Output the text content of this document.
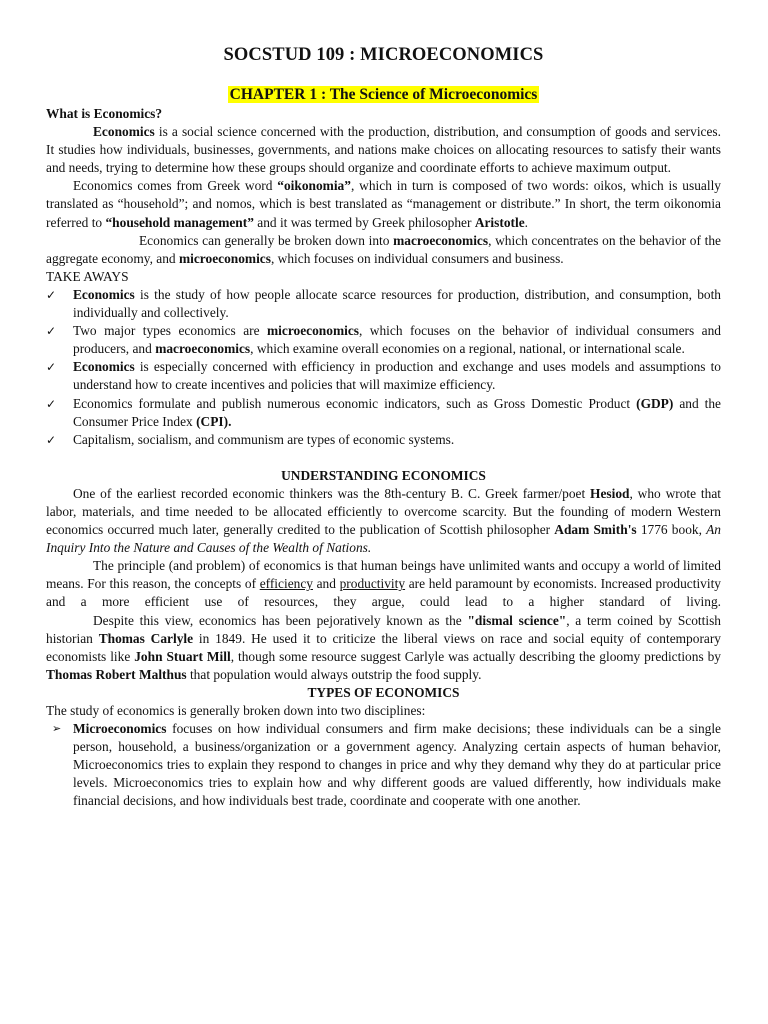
SOCSTUD 109 : MICROECONOMICS
CHAPTER 1 : The Science of Microeconomics
What is Economics?

Economics is a social science concerned with the production, distribution, and consumption of goods and services. It studies how individuals, businesses, governments, and nations make choices on allocating resources to satisfy their wants and needs, trying to determine how these groups should organize and coordinate efforts to achieve maximum output.

Economics comes from Greek word “oikonomia”, which in turn is composed of two words: oikos, which is usually translated as “household”; and nomos, which is best translated as “management or distribute.” In short, the term oikonomia referred to “household management” and it was termed by Greek philosopher Aristotle.

Economics can generally be broken down into macroeconomics, which concentrates on the behavior of the aggregate economy, and microeconomics, which focuses on individual consumers and business.

TAKE AWAYS
✓ Economics is the study of how people allocate scarce resources for production, distribution, and consumption, both individually and collectively.
✓ Two major types economics are microeconomics, which focuses on the behavior of individual consumers and producers, and macroeconomics, which examine overall economies on a regional, national, or international scale.
✓ Economics is especially concerned with efficiency in production and exchange and uses models and assumptions to understand how to create incentives and policies that will maximize efficiency.
✓ Economics formulate and publish numerous economic indicators, such as Gross Domestic Product (GDP) and the Consumer Price Index (CPI).
✓ Capitalism, socialism, and communism are types of economic systems.
UNDERSTANDING ECONOMICS

One of the earliest recorded economic thinkers was the 8th-century B. C. Greek farmer/poet Hesiod, who wrote that labor, materials, and time needed to be allocated efficiently to overcome scarcity. But the founding of modern Western economics occurred much later, generally credited to the publication of Scottish philosopher Adam Smith's 1776 book, An Inquiry Into the Nature and Causes of the Wealth of Nations.

The principle (and problem) of economics is that human beings have unlimited wants and occupy a world of limited means. For this reason, the concepts of efficiency and productivity are held paramount by economists. Increased productivity and a more efficient use of resources, they argue, could lead to a higher standard of living.

Despite this view, economics has been pejoratively known as the "dismal science", a term coined by Scottish historian Thomas Carlyle in 1849. He used it to criticize the liberal views on race and social equity of contemporary economists like John Stuart Mill, though some resource suggest Carlyle was actually describing the gloomy predictions by Thomas Robert Malthus that population would always outstrip the food supply.

TYPES OF ECONOMICS
The study of economics is generally broken down into two disciplines:
➢ Microeconomics focuses on how individual consumers and firm make decisions; these individuals can be a single person, household, a business/organization or a government agency. Analyzing certain aspects of human behavior, Microeconomics tries to explain they respond to changes in price and why they demand why they do at particular price levels. Microeconomics tries to explain how and why different goods are valued differently, how individuals make financial decisions, and how individuals best trade, coordinate and cooperate with one another.
